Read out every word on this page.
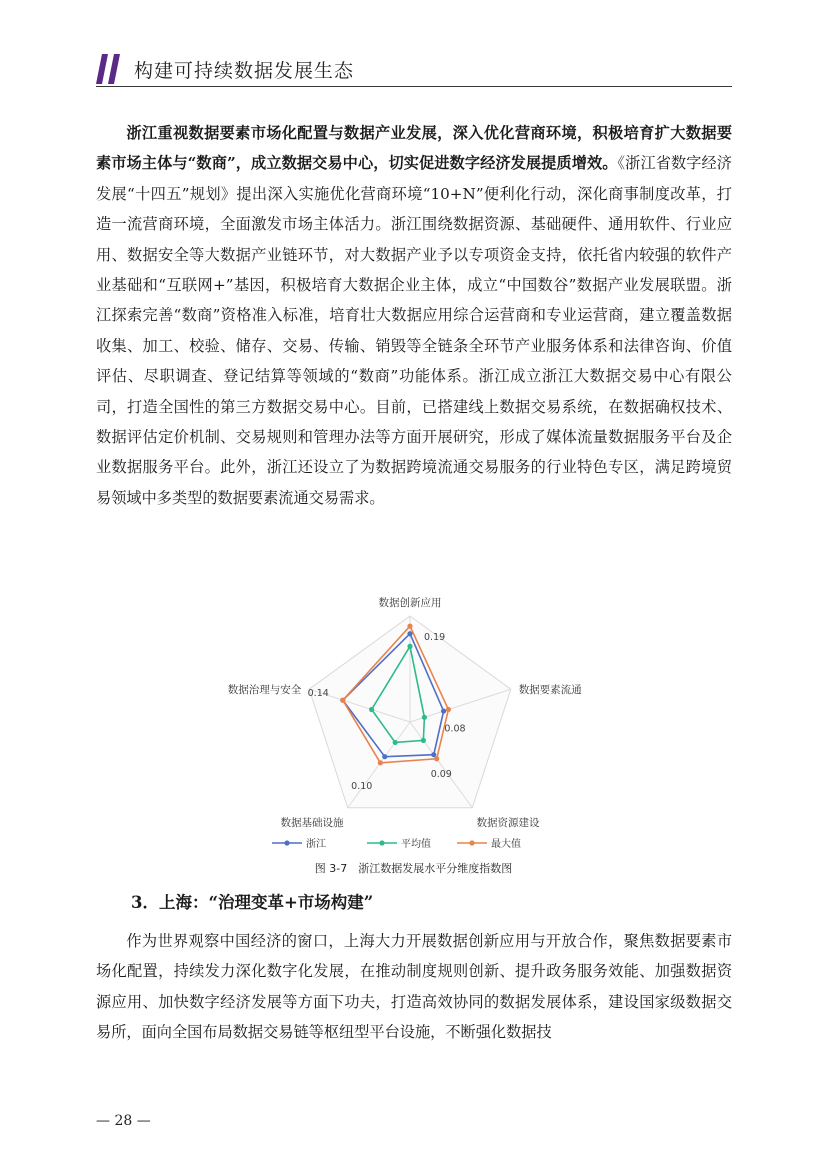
构建可持续数据发展生态

浙江重视数据要素市场化配置与数据产业发展，深入优化营商环境，积极培育扩大数据要素市场主体与“数商”，成立数据交易中心，切实促进数字经济发展提质增效。《浙江省数字经济发展“十四五”规划》提出深入实施优化营商环境“10+N”便利化行动，深化商事制度改革，打造一流营商环境，全面激发市场主体活力。浙江围绕数据资源、基础硬件、通用软件、行业应用、数据安全等大数据产业链环节，对大数据产业予以专项资金支持，依托省内较强的软件产业基础和“互联网+”基因，积极培育大数据企业主体，成立“中国数谷”数据产业发展联盟。浙江探索完善“数商”资格准入标准，培育壮大数据应用综合运营商和专业运营商，建立覆盖数据收集、加工、校验、储存、交易、传输、销毁等全链条全环节产业服务体系和法律咨询、价值评估、尽职调查、登记结算等领域的“数商”功能体系。浙江成立浙江大数据交易中心有限公司，打造全国性的第三方数据交易中心。目前，已搭建线上数据交易系统，在数据确权技术、数据评估定价机制、交易规则和管理办法等方面开展研究，形成了媒体流量数据服务平台及企业数据服务平台。此外，浙江还设立了为数据跨境流通交易服务的行业特色专区，满足跨境贸易领域中多类型的数据要素流通交易需求。

数据创新应用
数据要素流通
数据资源建设
数据基础设施
数据治理与安全
0.19
0.08
0.09
0.10
0.14
浙江	平均值	最大值
图 3-7　浙江数据发展水平分维度指数图
3．上海：“治理变革+市场构建”

作为世界观察中国经济的窗口，上海大力开展数据创新应用与开放合作，聚焦数据要素市场化配置，持续发力深化数字化发展，在推动制度规则创新、提升政务服务效能、加强数据资源应用、加快数字经济发展等方面下功夫，打造高效协同的数据发展体系，建设国家级数据交易所，面向全国布局数据交易链等枢纽型平台设施，不断强化数据技

— 28 —
